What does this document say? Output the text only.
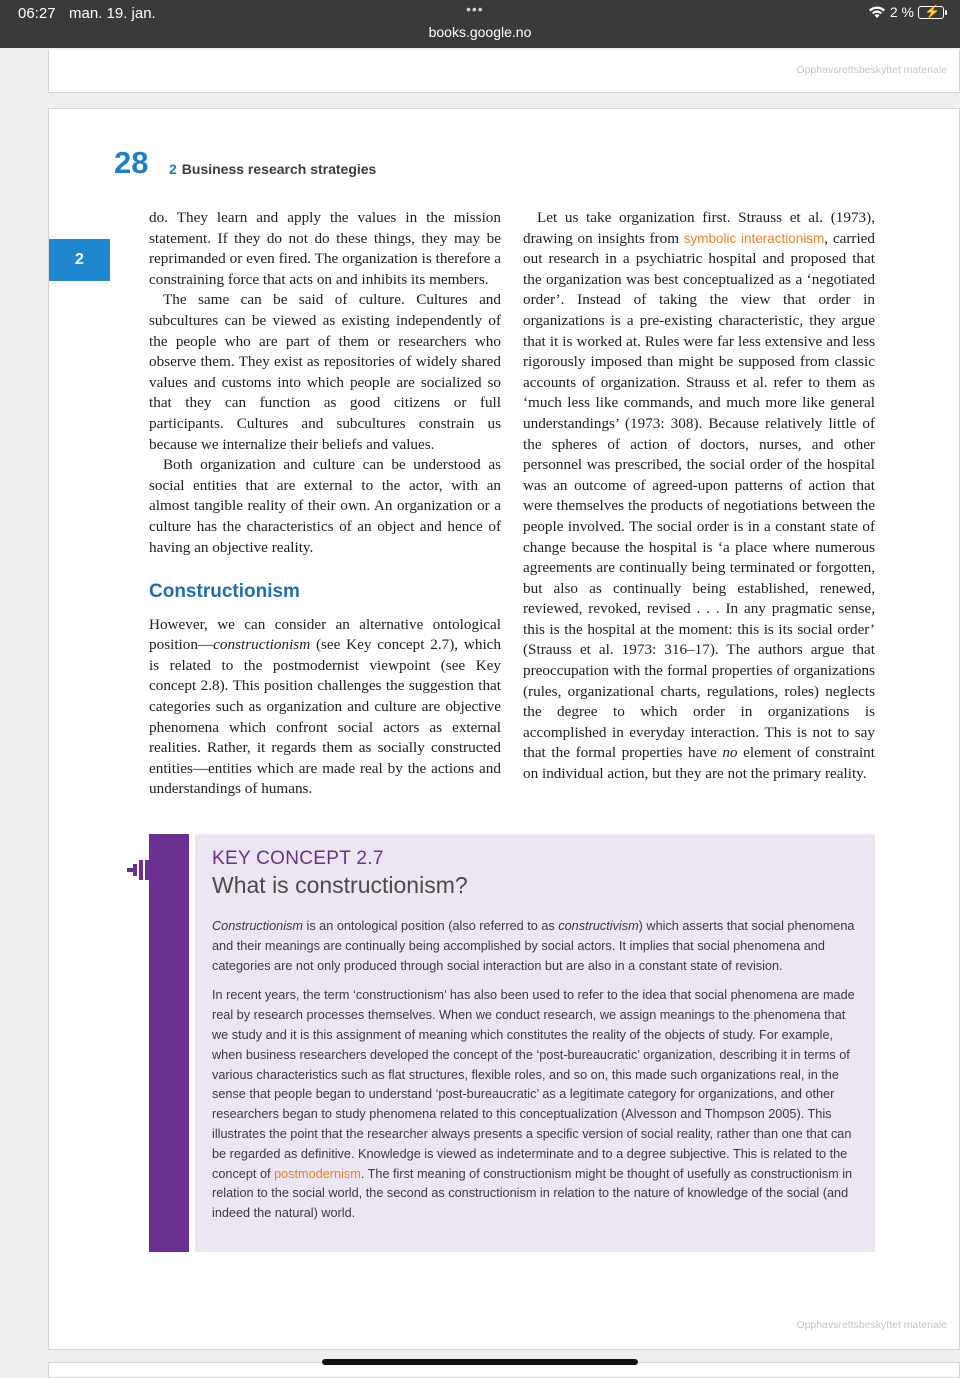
06:27 man. 19. jan.	•••
books.google.no
2 % ⚡
Opphavsrettsbeskyttet materiale
28 2 Business research strategies
2

do. They learn and apply the values in the mission statement. If they do not do these things, they may be reprimanded or even fired. The organization is therefore a constraining force that acts on and inhibits its members.

The same can be said of culture. Cultures and subcultures can be viewed as existing independently of the people who are part of them or researchers who observe them. They exist as repositories of widely shared values and customs into which people are socialized so that they can function as good citizens or full participants. Cultures and subcultures constrain us because we internalize their beliefs and values.

Both organization and culture can be understood as social entities that are external to the actor, with an almost tangible reality of their own. An organization or a culture has the characteristics of an object and hence of having an objective reality.

Constructionism

However, we can consider an alternative ontological position—constructionism (see Key concept 2.7), which is related to the postmodernist viewpoint (see Key concept 2.8). This position challenges the suggestion that categories such as organization and culture are objective phenomena which confront social actors as external realities. Rather, it regards them as socially constructed entities—entities which are made real by the actions and understandings of humans.

Let us take organization first. Strauss et al. (1973), drawing on insights from symbolic interactionism, carried out research in a psychiatric hospital and proposed that the organization was best conceptualized as a ‘negotiated order’. Instead of taking the view that order in organizations is a pre-existing characteristic, they argue that it is worked at. Rules were far less extensive and less rigorously imposed than might be supposed from classic accounts of organization. Strauss et al. refer to them as ‘much less like commands, and much more like general understandings’ (1973: 308). Because relatively little of the spheres of action of doctors, nurses, and other personnel was prescribed, the social order of the hospital was an outcome of agreed-upon patterns of action that were themselves the products of negotiations between the people involved. The social order is in a constant state of change because the hospital is ‘a place where numerous agreements are continually being terminated or forgotten, but also as continually being established, renewed, reviewed, revoked, revised . . . In any pragmatic sense, this is the hospital at the moment: this is its social order’ (Strauss et al. 1973: 316–17). The authors argue that preoccupation with the formal properties of organizations (rules, organizational charts, regulations, roles) neglects the degree to which order in organizations is accomplished in everyday interaction. This is not to say that the formal properties have no element of constraint on individual action, but they are not the primary reality.

KEY CONCEPT 2.7

What is constructionism?

Constructionism is an ontological position (also referred to as constructivism) which asserts that social phenomena and their meanings are continually being accomplished by social actors. It implies that social phenomena and categories are not only produced through social interaction but are also in a constant state of revision.

In recent years, the term ‘constructionism’ has also been used to refer to the idea that social phenomena are made real by research processes themselves. When we conduct research, we assign meanings to the phenomena that we study and it is this assignment of meaning which constitutes the reality of the objects of study. For example, when business researchers developed the concept of the ‘post-bureaucratic’ organization, describing it in terms of various characteristics such as flat structures, flexible roles, and so on, this made such organizations real, in the sense that people began to understand ‘post-bureaucratic’ as a legitimate category for organizations, and other researchers began to study phenomena related to this conceptualization (Alvesson and Thompson 2005). This illustrates the point that the researcher always presents a specific version of social reality, rather than one that can be regarded as definitive. Knowledge is viewed as indeterminate and to a degree subjective. This is related to the concept of postmodernism. The first meaning of constructionism might be thought of usefully as constructionism in relation to the social world, the second as constructionism in relation to the nature of knowledge of the social (and indeed the natural) world.

Opphavsrettsbeskyttet materiale
